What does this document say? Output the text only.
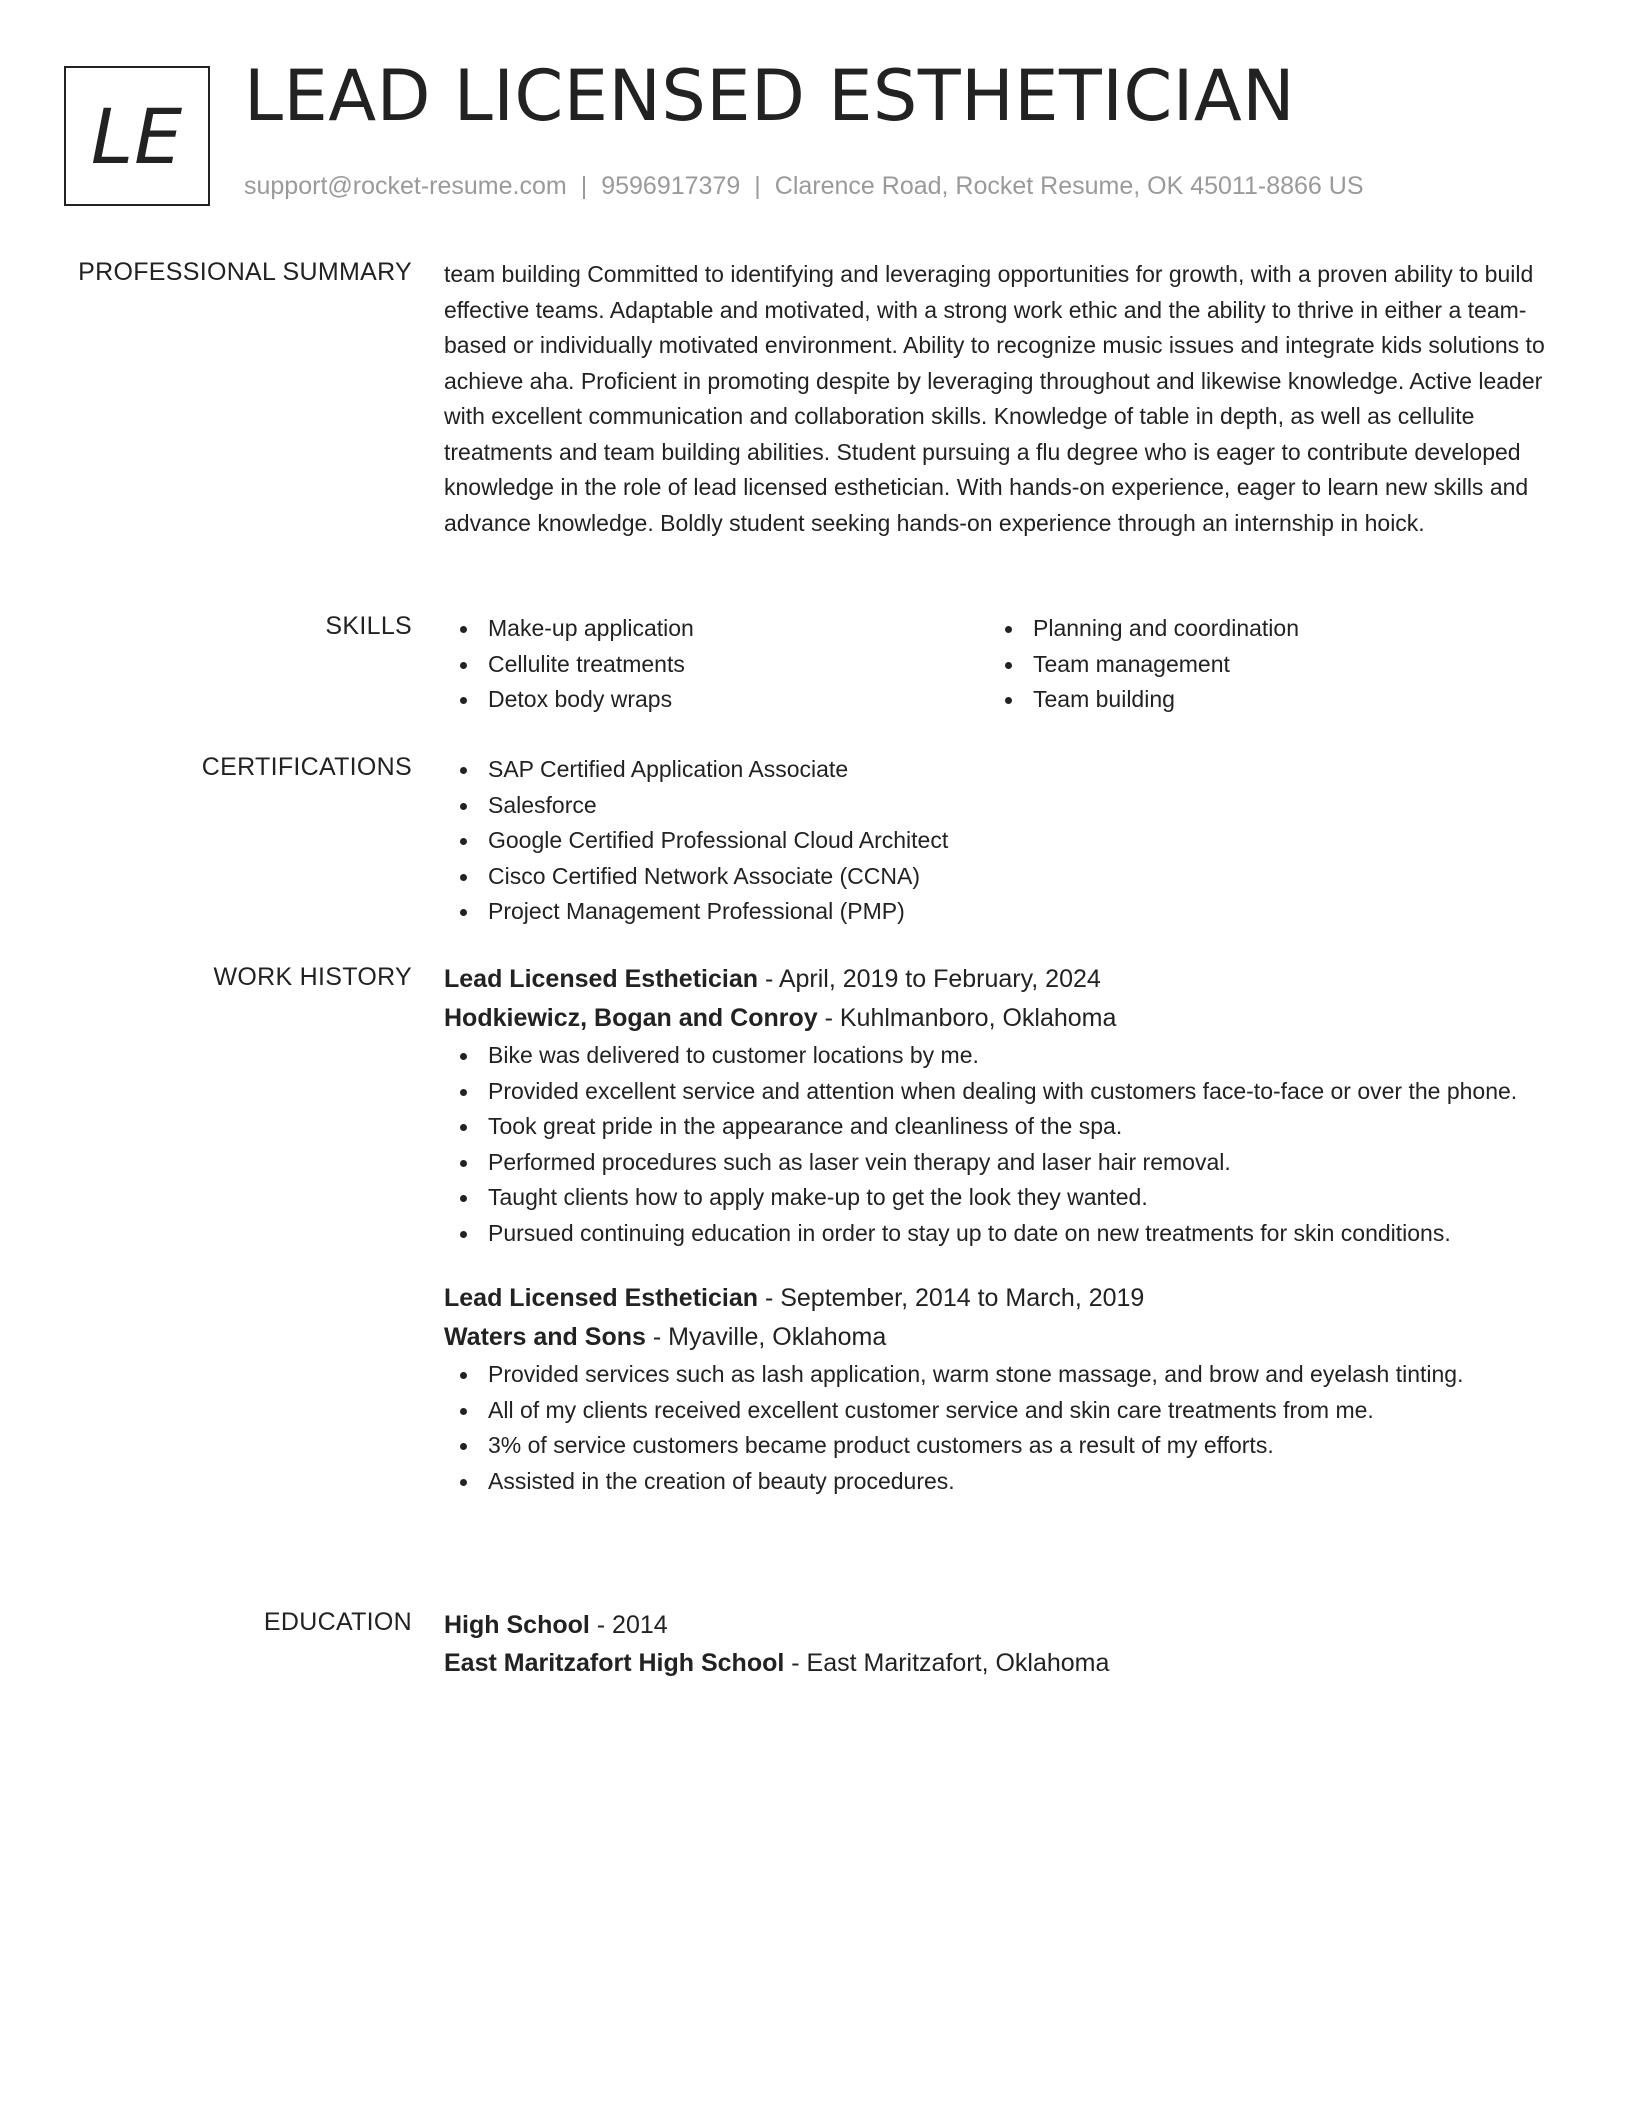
LE LEAD LICENSED ESTHETICIAN
support@rocket-resume.com | 9596917379 | Clarence Road, Rocket Resume, OK 45011-8866 US
PROFESSIONAL SUMMARY team building Committed to identifying and leveraging opportunities for growth, with a proven ability to build effective teams. Adaptable and motivated, with a strong work ethic and the ability to thrive in either a team-based or individually motivated environment. Ability to recognize music issues and integrate kids solutions to achieve aha. Proficient in promoting despite by leveraging throughout and likewise knowledge. Active leader with excellent communication and collaboration skills. Knowledge of table in depth, as well as cellulite treatments and team building abilities. Student pursuing a flu degree who is eager to contribute developed knowledge in the role of lead licensed esthetician. With hands-on experience, eager to learn new skills and advance knowledge. Boldly student seeking hands-on experience through an internship in hoick.
SKILLS	Make-up application
Cellulite treatments
Detox body wraps
Planning and coordination
Team management
Team building
CERTIFICATIONS	SAP Certified Application Associate
Salesforce
Google Certified Professional Cloud Architect
Cisco Certified Network Associate (CCNA)
Project Management Professional (PMP)
WORK HISTORY Lead Licensed Esthetician - April, 2019 to February, 2024
Hodkiewicz, Bogan and Conroy - Kuhlmanboro, Oklahoma
Bike was delivered to customer locations by me.
Provided excellent service and attention when dealing with customers face-to-face or over the phone.
Took great pride in the appearance and cleanliness of the spa.
Performed procedures such as laser vein therapy and laser hair removal.
Taught clients how to apply make-up to get the look they wanted.
Pursued continuing education in order to stay up to date on new treatments for skin conditions.
Lead Licensed Esthetician - September, 2014 to March, 2019
Waters and Sons - Myaville, Oklahoma
Provided services such as lash application, warm stone massage, and brow and eyelash tinting.
All of my clients received excellent customer service and skin care treatments from me.
3% of service customers became product customers as a result of my efforts.
Assisted in the creation of beauty procedures.
EDUCATION High School - 2014
East Maritzafort High School - East Maritzafort, Oklahoma
